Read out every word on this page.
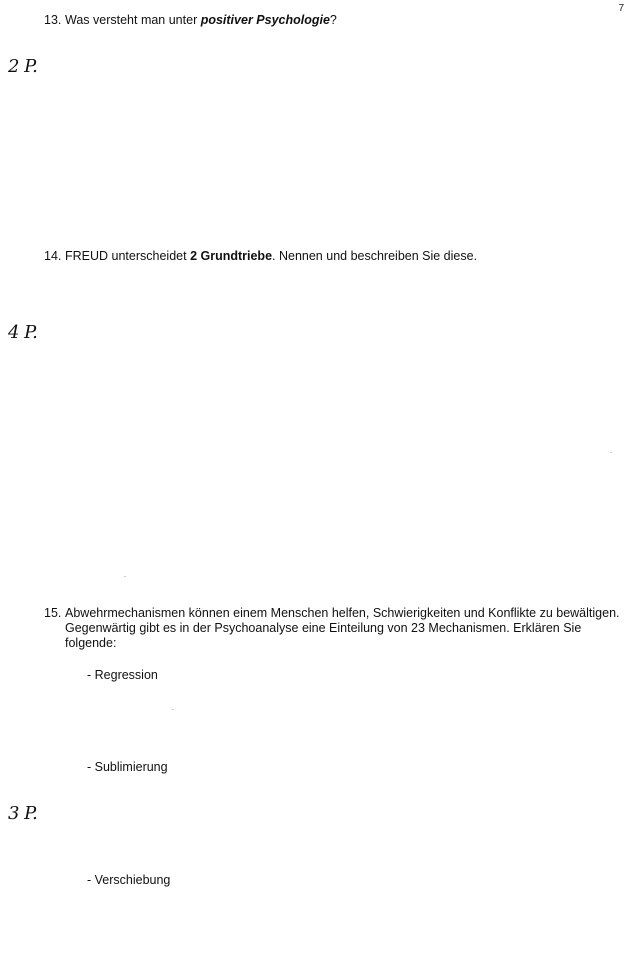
7
13. Was versteht man unter positiver Psychologie?
2 P.
14. FREUD unterscheidet 2 Grundtriebe. Nennen und beschreiben Sie diese.
4 P.
15. Abwehrmechanismen können einem Menschen helfen, Schwierigkeiten und Konflikte zu bewältigen. Gegenwärtig gibt es in der Psychoanalyse eine Einteilung von 23 Mechanismen. Erklären Sie folgende:
- Regression
- Sublimierung
3 P.
- Verschiebung
